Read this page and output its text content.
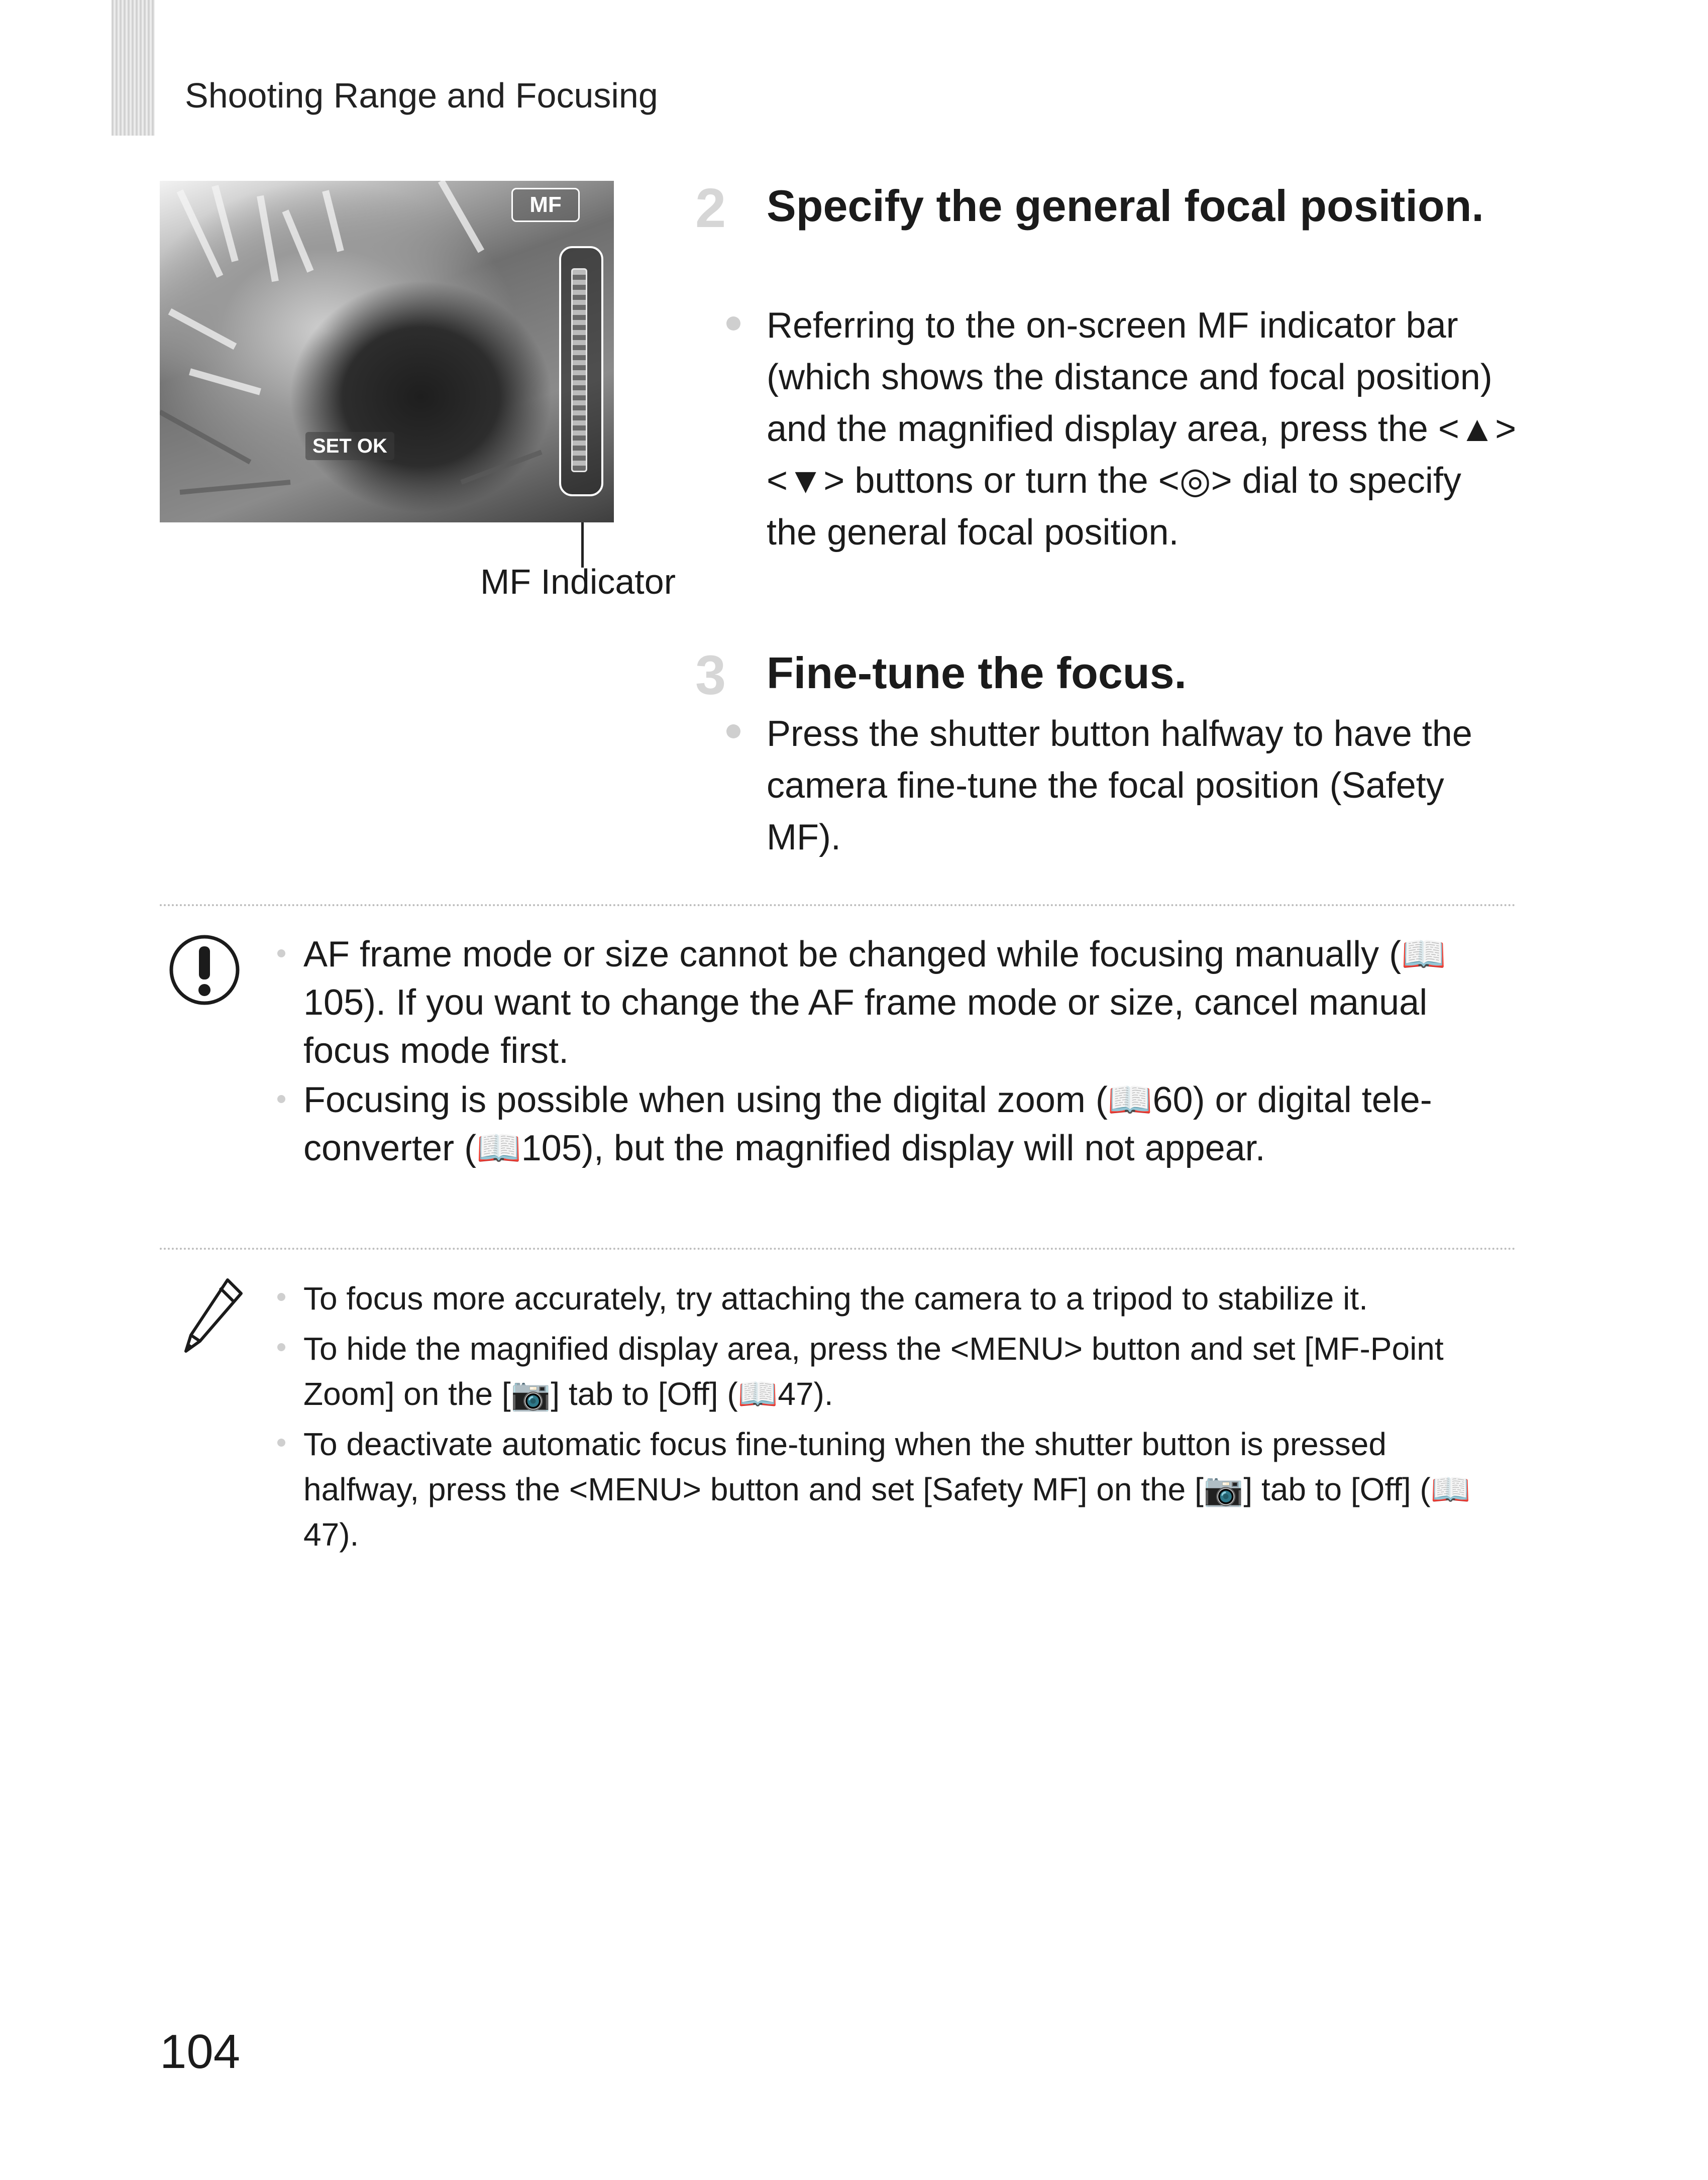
Shooting Range and Focusing
MF
SET OK
MF Indicator
2 Specify the general focal position.
Referring to the on-screen MF indicator bar (which shows the distance and focal position) and the magnified display area, press the <▲><▼> buttons or turn the <◎> dial to specify the general focal position.
3 Fine-tune the focus.
Press the shutter button halfway to have the camera fine-tune the focal position (Safety MF).
AF frame mode or size cannot be changed while focusing manually (📖105). If you want to change the AF frame mode or size, cancel manual focus mode first.
Focusing is possible when using the digital zoom (📖60) or digital tele-converter (📖105), but the magnified display will not appear.
To focus more accurately, try attaching the camera to a tripod to stabilize it.
To hide the magnified display area, press the <MENU> button and set [MF-Point Zoom] on the [📷] tab to [Off] (📖47).
To deactivate automatic focus fine-tuning when the shutter button is pressed halfway, press the <MENU> button and set [Safety MF] on the [📷] tab to [Off] (📖47).
104
